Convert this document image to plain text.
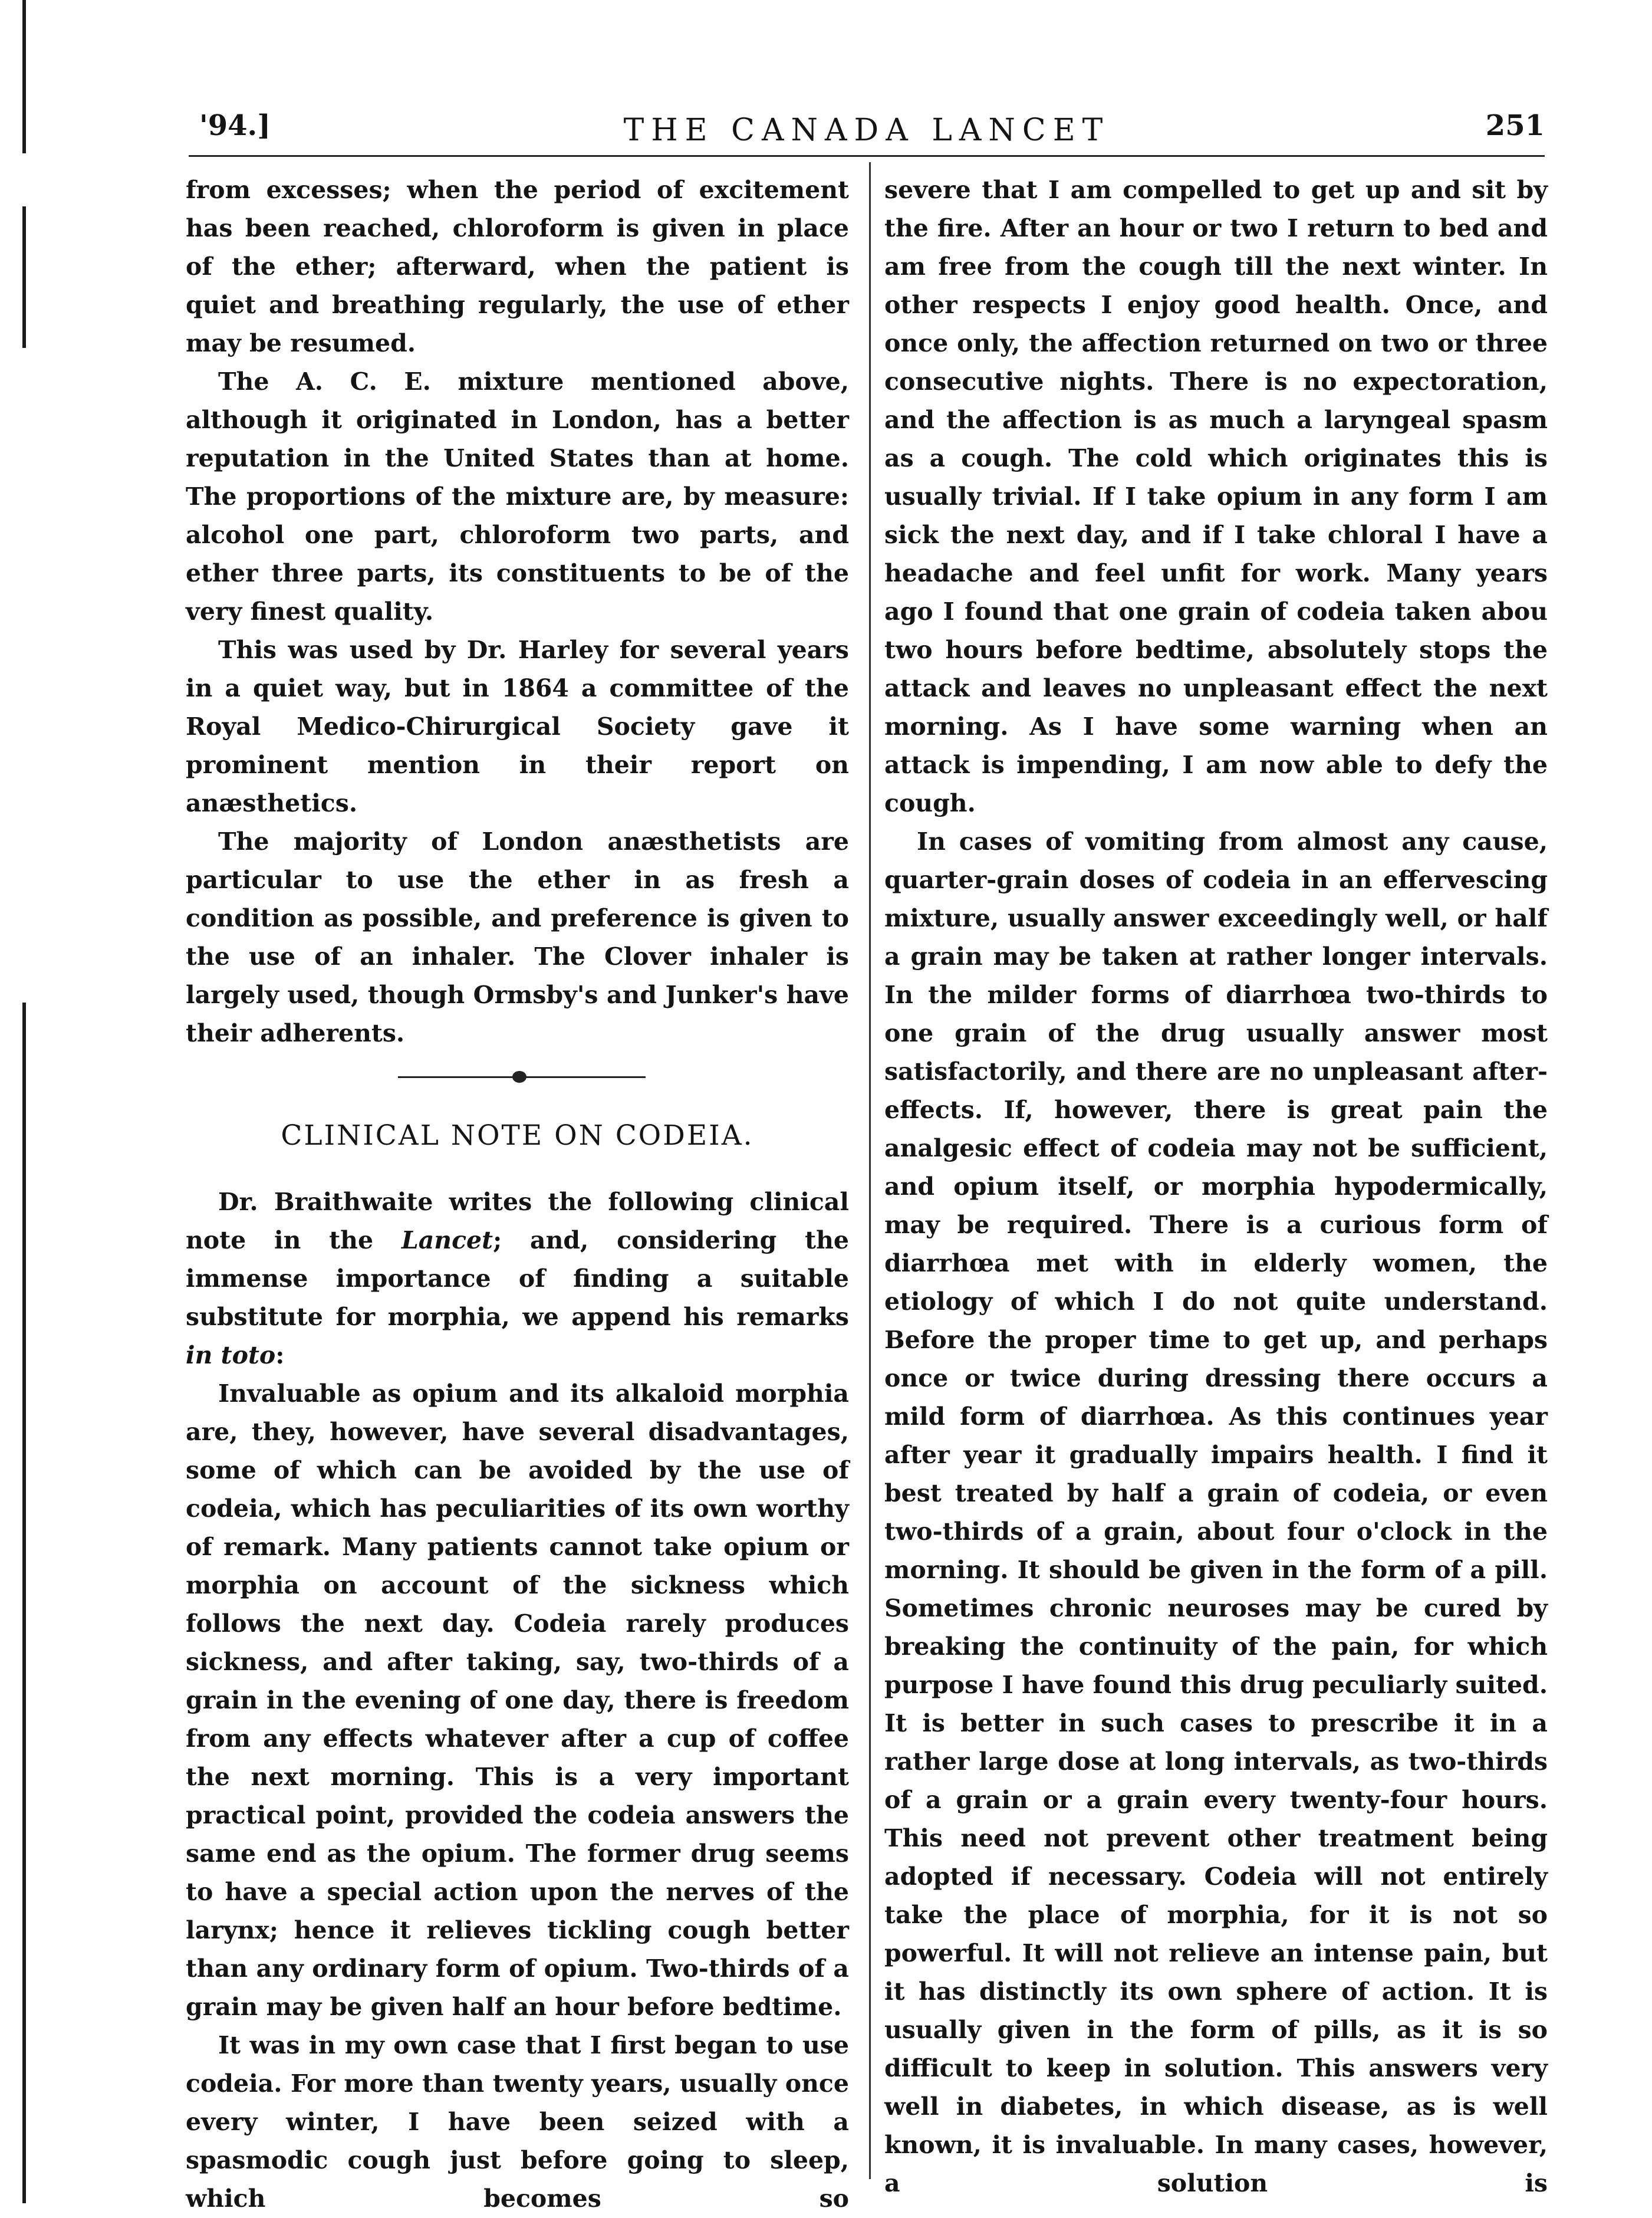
'94.]	THE CANADA LANCET	251

from excesses; when the period of excitement has been reached, chloroform is given in place of the ether; afterward, when the patient is quiet and breathing regularly, the use of ether may be resumed.

The A. C. E. mixture mentioned above, although it originated in London, has a better reputation in the United States than at home. The proportions of the mixture are, by measure: alcohol one part, chloroform two parts, and ether three parts, its constituents to be of the very finest quality.

This was used by Dr. Harley for several years in a quiet way, but in 1864 a committee of the Royal Medico-Chirurgical Society gave it prominent mention in their report on anæsthetics.

The majority of London anæsthetists are particular to use the ether in as fresh a condition as possible, and preference is given to the use of an inhaler. The Clover inhaler is largely used, though Ormsby's and Junker's have their adherents.

CLINICAL NOTE ON CODEIA.

Dr. Braithwaite writes the following clinical note in the Lancet; and, considering the immense importance of finding a suitable substitute for morphia, we append his remarks in toto:

Invaluable as opium and its alkaloid morphia are, they, however, have several disadvantages, some of which can be avoided by the use of codeia, which has peculiarities of its own worthy of remark. Many patients cannot take opium or morphia on account of the sickness which follows the next day. Codeia rarely produces sickness, and after taking, say, two-thirds of a grain in the evening of one day, there is freedom from any effects whatever after a cup of coffee the next morning. This is a very important practical point, provided the codeia answers the same end as the opium. The former drug seems to have a special action upon the nerves of the larynx; hence it relieves tickling cough better than any ordinary form of opium. Two-thirds of a grain may be given half an hour before bedtime.

It was in my own case that I first began to use codeia. For more than twenty years, usually once every winter, I have been seized with a spasmodic cough just before going to sleep, which becomes so

severe that I am compelled to get up and sit by the fire. After an hour or two I return to bed and am free from the cough till the next winter. In other respects I enjoy good health. Once, and once only, the affection returned on two or three consecutive nights. There is no expectoration, and the affection is as much a laryngeal spasm as a cough. The cold which originates this is usually trivial. If I take opium in any form I am sick the next day, and if I take chloral I have a headache and feel unfit for work. Many years ago I found that one grain of codeia taken abou two hours before bedtime, absolutely stops the attack and leaves no unpleasant effect the next morning. As I have some warning when an attack is impending, I am now able to defy the cough.

In cases of vomiting from almost any cause, quarter-grain doses of codeia in an effervescing mixture, usually answer exceedingly well, or half a grain may be taken at rather longer intervals. In the milder forms of diarrhœa two-thirds to one grain of the drug usually answer most satisfactorily, and there are no unpleasant after-effects. If, however, there is great pain the analgesic effect of codeia may not be sufficient, and opium itself, or morphia hypodermically, may be required. There is a curious form of diarrhœa met with in elderly women, the etiology of which I do not quite understand. Before the proper time to get up, and perhaps once or twice during dressing there occurs a mild form of diarrhœa. As this continues year after year it gradually impairs health. I find it best treated by half a grain of codeia, or even two-thirds of a grain, about four o'clock in the morning. It should be given in the form of a pill. Sometimes chronic neuroses may be cured by breaking the continuity of the pain, for which purpose I have found this drug peculiarly suited. It is better in such cases to prescribe it in a rather large dose at long intervals, as two-thirds of a grain or a grain every twenty-four hours. This need not prevent other treatment being adopted if necessary. Codeia will not entirely take the place of morphia, for it is not so powerful. It will not relieve an intense pain, but it has distinctly its own sphere of action. It is usually given in the form of pills, as it is so difficult to keep in solution. This answers very well in diabetes, in which disease, as is well known, it is invaluable. In many cases, however, a solution is
